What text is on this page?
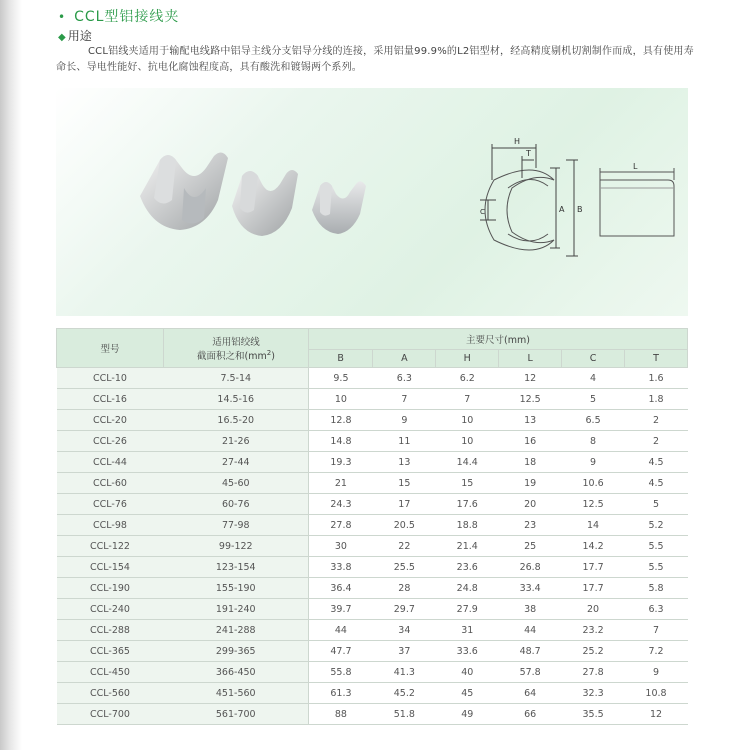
• CCL型铝接线夹
◆ 用途
CCL铝线夹适用于输配电线路中铝导主线分支铝导分线的连接，采用铝量99.9%的L2铝型材，经高精度剔机切割制作而成，具有使用寿命长、导电性能好、抗电化腐蚀程度高，具有酸洗和镀锡两个系列。
H
T
A B
C
L
型号	适用铝绞线
截面积之和$(mm^2)$	主要尺寸(mm)					
		B	A	H	L	C	T
CCL-10	7.5-14	9.5	6.3	6.2	12	4	1.6
CCL-16	14.5-16	10	7	7	12.5	5	1.8
CCL-20	16.5-20	12.8	9	10	13	6.5	2
CCL-26	21-26	14.8	11	10	16	8	2
CCL-44	27-44	19.3	13	14.4	18	9	4.5
CCL-60	45-60	21	15	15	19	10.6	4.5
CCL-76	60-76	24.3	17	17.6	20	12.5	5
CCL-98	77-98	27.8	20.5	18.8	23	14	5.2
CCL-122	99-122	30	22	21.4	25	14.2	5.5
CCL-154	123-154	33.8	25.5	23.6	26.8	17.7	5.5
CCL-190	155-190	36.4	28	24.8	33.4	17.7	5.8
CCL-240	191-240	39.7	29.7	27.9	38	20	6.3
CCL-288	241-288	44	34	31	44	23.2	7
CCL-365	299-365	47.7	37	33.6	48.7	25.2	7.2
CCL-450	366-450	55.8	41.3	40	57.8	27.8	9
CCL-560	451-560	61.3	45.2	45	64	32.3	10.8
CCL-700	561-700	88	51.8	49	66	35.5	12
